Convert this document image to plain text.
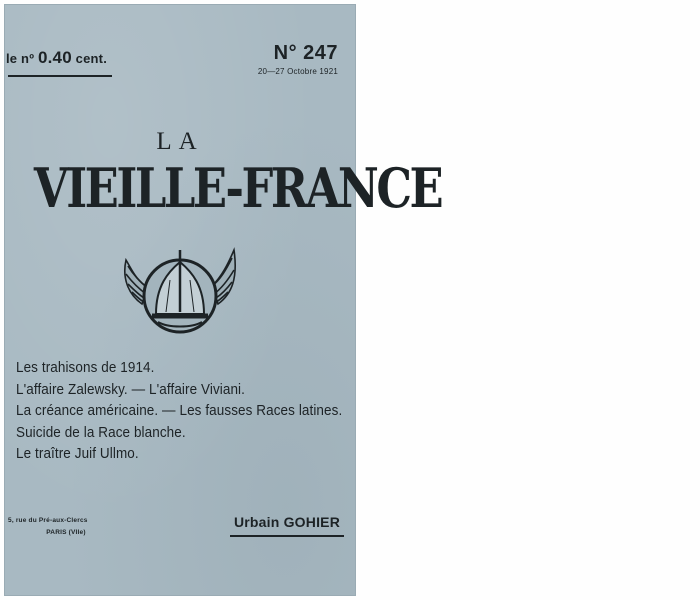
le nº 0.40 cent.	N° 247
20—27 Octobre 1921
LA
VIEILLE-FRANCE
Les trahisons de 1914.
L'affaire Zalewsky. — L'affaire Viviani.
La créance américaine. — Les fausses Races latines.
Suicide de la Race blanche.
Le traître Juif Ullmo.
5, rue du Pré-aux-Clercs
PARIS (VIIe)
Urbain GOHIER
